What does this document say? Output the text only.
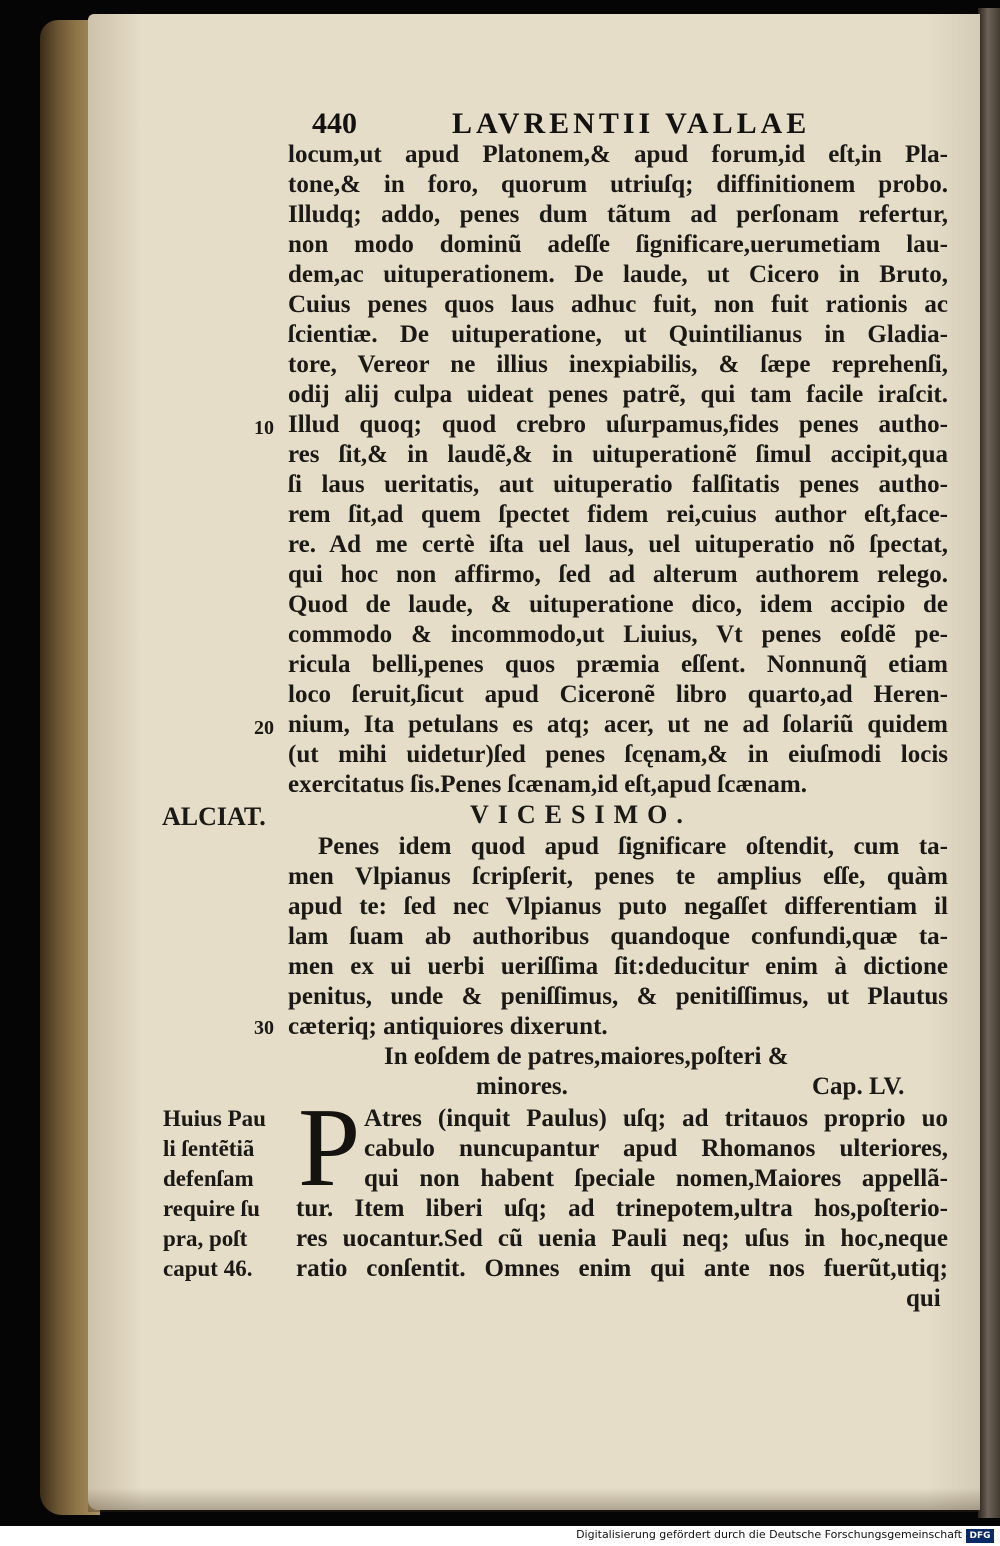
440	LAVRENTII VALLAE
locum,ut apud Platonem,& apud forum,id eſt,in Pla-
tone,& in foro, quorum utriuſq; diffinitionem probo.
Illudq; addo, penes dum tãtum ad perſonam refertur,
non modo dominũ adeſſe ſignificare,uerumetiam lau-
dem,ac uituperationem. De laude, ut Cicero in Bruto,
Cuius penes quos laus adhuc fuit, non fuit rationis ac
ſcientiæ. De uituperatione, ut Quintilianus in Gladia-
tore, Vereor ne illius inexpiabilis, & ſæpe reprehenſi,
odij alij culpa uideat penes patrẽ, qui tam facile iraſcit.
Illud quoq; quod crebro uſurpamus,fides penes autho-
res ſit,& in laudẽ,& in uituperationẽ ſimul accipit,qua
ſi laus ueritatis, aut uituperatio falſitatis penes autho-
rem ſit,ad quem ſpectet fidem rei,cuius author eſt,face-
re. Ad me certè iſta uel laus, uel uituperatio nõ ſpectat,
qui hoc non affirmo, ſed ad alterum authorem relego.
Quod de laude, & uituperatione dico, idem accipio de
commodo & incommodo,ut Liuius, Vt penes eoſdẽ pe-
ricula belli,penes quos præmia eſſent. Nonnunq̃ etiam
loco ſeruit,ſicut apud Ciceronẽ libro quarto,ad Heren-
nium, Ita petulans es atq; acer, ut ne ad ſolariũ quidem
(ut mihi uidetur)ſed penes ſcęnam,& in eiuſmodi locis
exercitatus ſis.Penes ſcænam,id eſt,apud ſcænam.
10
20
30
ALCIAT.	VICESIMO.
Penes idem quod apud ſignificare oſtendit, cum ta-
men Vlpianus ſcripſerit, penes te amplius eſſe, quàm
apud te: ſed nec Vlpianus puto negaſſet differentiam il
lam ſuam ab authoribus quandoque confundi,quæ ta-
men ex ui uerbi ueriſſima ſit:deducitur enim à dictione
penitus, unde & peniſſimus, & penitiſſimus, ut Plautus
cæteriq; antiquiores dixerunt.
In eoſdem de patres,maiores,poſteri &
minores.	Cap. LV.
Huius Pau
li ſentẽtiã
defenſam
require ſu
pra, poſt
caput 46.
P Atres (inquit Paulus) uſq; ad tritauos proprio uo
cabulo nuncupantur apud Rhomanos ulteriores,
qui non habent ſpeciale nomen,Maiores appellã-
tur. Item liberi uſq; ad trinepotem,ultra hos,poſterio-
res uocantur.Sed cũ uenia Pauli neq; uſus in hoc,neque
ratio conſentit. Omnes enim qui ante nos fuerũt,utiq;
qui
Digitalisierung gefördert durch die Deutsche Forschungsgemeinschaft DFG
